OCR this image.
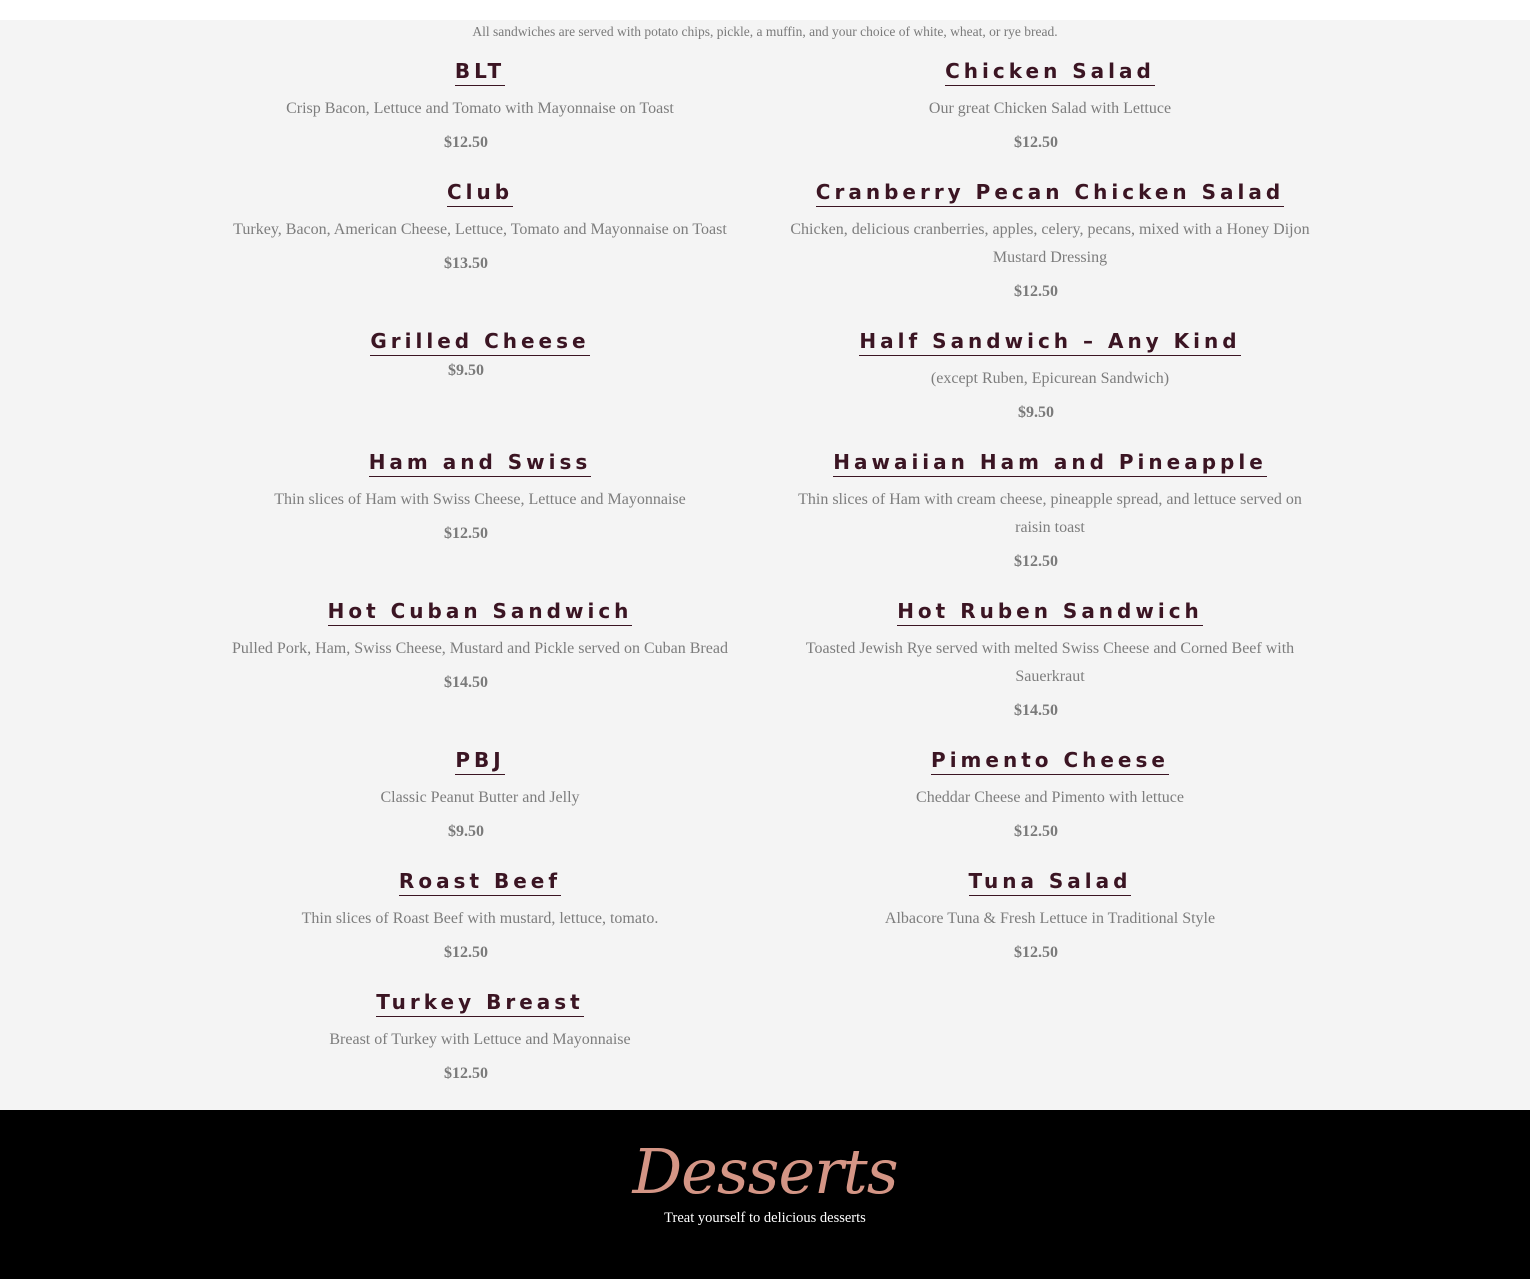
All sandwiches are served with potato chips, pickle, a muffin, and your choice of white, wheat, or rye bread.
BLT
Crisp Bacon, Lettuce and Tomato with Mayonnaise on Toast
$12.50
Club
Turkey, Bacon, American Cheese, Lettuce, Tomato and Mayonnaise on Toast
$13.50
Grilled Cheese
$9.50
Ham and Swiss
Thin slices of Ham with Swiss Cheese, Lettuce and Mayonnaise
$12.50
Hot Cuban Sandwich
Pulled Pork, Ham, Swiss Cheese, Mustard and Pickle served on Cuban Bread
$14.50
PBJ
Classic Peanut Butter and Jelly
$9.50
Roast Beef
Thin slices of Roast Beef with mustard, lettuce, tomato.
$12.50
Turkey Breast
Breast of Turkey with Lettuce and Mayonnaise
$12.50
Chicken Salad
Our great Chicken Salad with Lettuce
$12.50
Cranberry Pecan Chicken Salad
Chicken, delicious cranberries, apples, celery, pecans, mixed with a Honey Dijon Mustard Dressing
$12.50
Half Sandwich – Any Kind
(except Ruben, Epicurean Sandwich)
$9.50
Hawaiian Ham and Pineapple
Thin slices of Ham with cream cheese, pineapple spread, and lettuce served on raisin toast
$12.50
Hot Ruben Sandwich
Toasted Jewish Rye served with melted Swiss Cheese and Corned Beef with Sauerkraut
$14.50
Pimento Cheese
Cheddar Cheese and Pimento with lettuce
$12.50
Tuna Salad
Albacore Tuna & Fresh Lettuce in Traditional Style
$12.50
Desserts
Treat yourself to delicious desserts
